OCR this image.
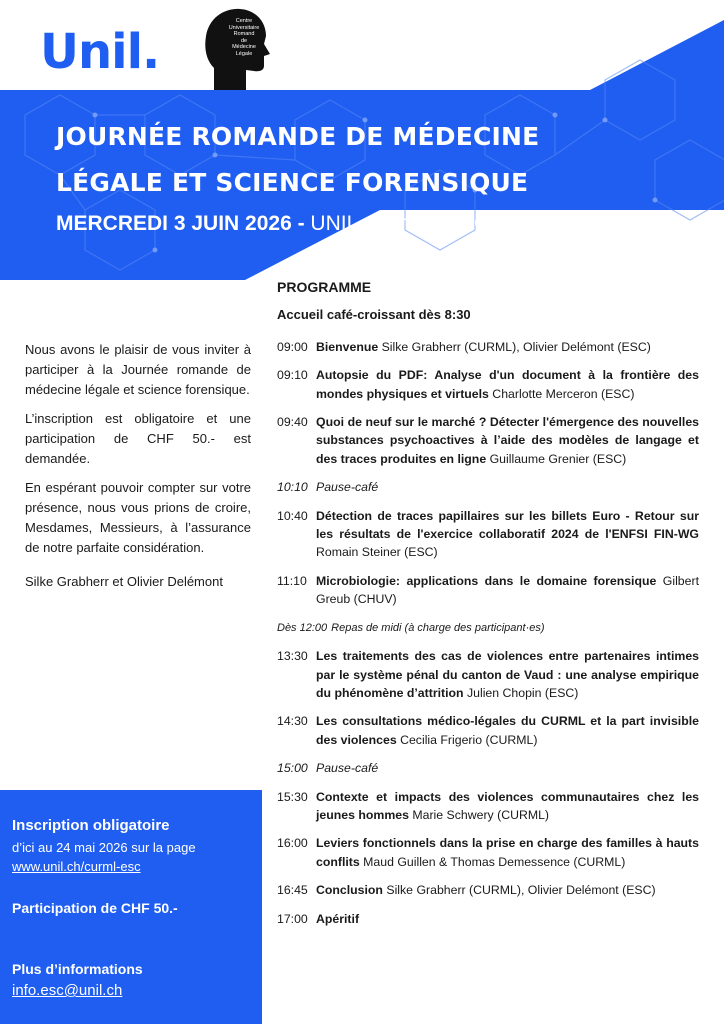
Unil.
Centre
Universitaire
Romand
de
Médecine
Légale
JOURNÉE ROMANDE DE MÉDECINE
LÉGALE ET SCIENCE FORENSIQUE
MERCREDI 3 JUIN 2026 - UNIL, Génopode C

Nous avons le plaisir de vous inviter à participer à la Journée romande de médecine légale et science forensique.

L’inscription est obligatoire et une participation de CHF 50.- est demandée.

En espérant pouvoir compter sur votre présence, nous vous prions de croire, Mesdames, Messieurs, à l’assurance de notre parfaite considération.

Silke Grabherr et Olivier Delémont

Inscription obligatoire
d’ici au 24 mai 2026 sur la page
www.unil.ch/curml-esc
Participation de CHF 50.-
Plus d’informations
info.esc@unil.ch
PROGRAMME
Accueil café-croissant dès 8:30
09:00 Bienvenue Silke Grabherr (CURML), Olivier Delémont (ESC)
09:10 Autopsie du PDF: Analyse d'un document à la frontière des mondes physiques et virtuels Charlotte Merceron (ESC)
09:40 Quoi de neuf sur le marché ? Détecter l'émergence des nouvelles substances psychoactives à l’aide des modèles de langage et des traces produites en ligne Guillaume Grenier (ESC)
10:10 Pause-café
10:40 Détection de traces papillaires sur les billets Euro - Retour sur les résultats de l'exercice collaboratif 2024 de l'ENFSI FIN-WG Romain Steiner (ESC)
11:10 Microbiologie: applications dans le domaine forensique Gilbert Greub (CHUV)
Dès 12:00 Repas de midi (à charge des participant·es)
13:30 Les traitements des cas de violences entre partenaires intimes par le système pénal du canton de Vaud : une analyse empirique du phénomène d’attrition Julien Chopin (ESC)
14:30 Les consultations médico-légales du CURML et la part invisible des violences Cecilia Frigerio (CURML)
15:00 Pause-café
15:30 Contexte et impacts des violences communautaires chez les jeunes hommes Marie Schwery (CURML)
16:00 Leviers fonctionnels dans la prise en charge des familles à hauts conflits Maud Guillen & Thomas Demessence (CURML)
16:45 Conclusion Silke Grabherr (CURML), Olivier Delémont (ESC)
17:00 Apéritif
